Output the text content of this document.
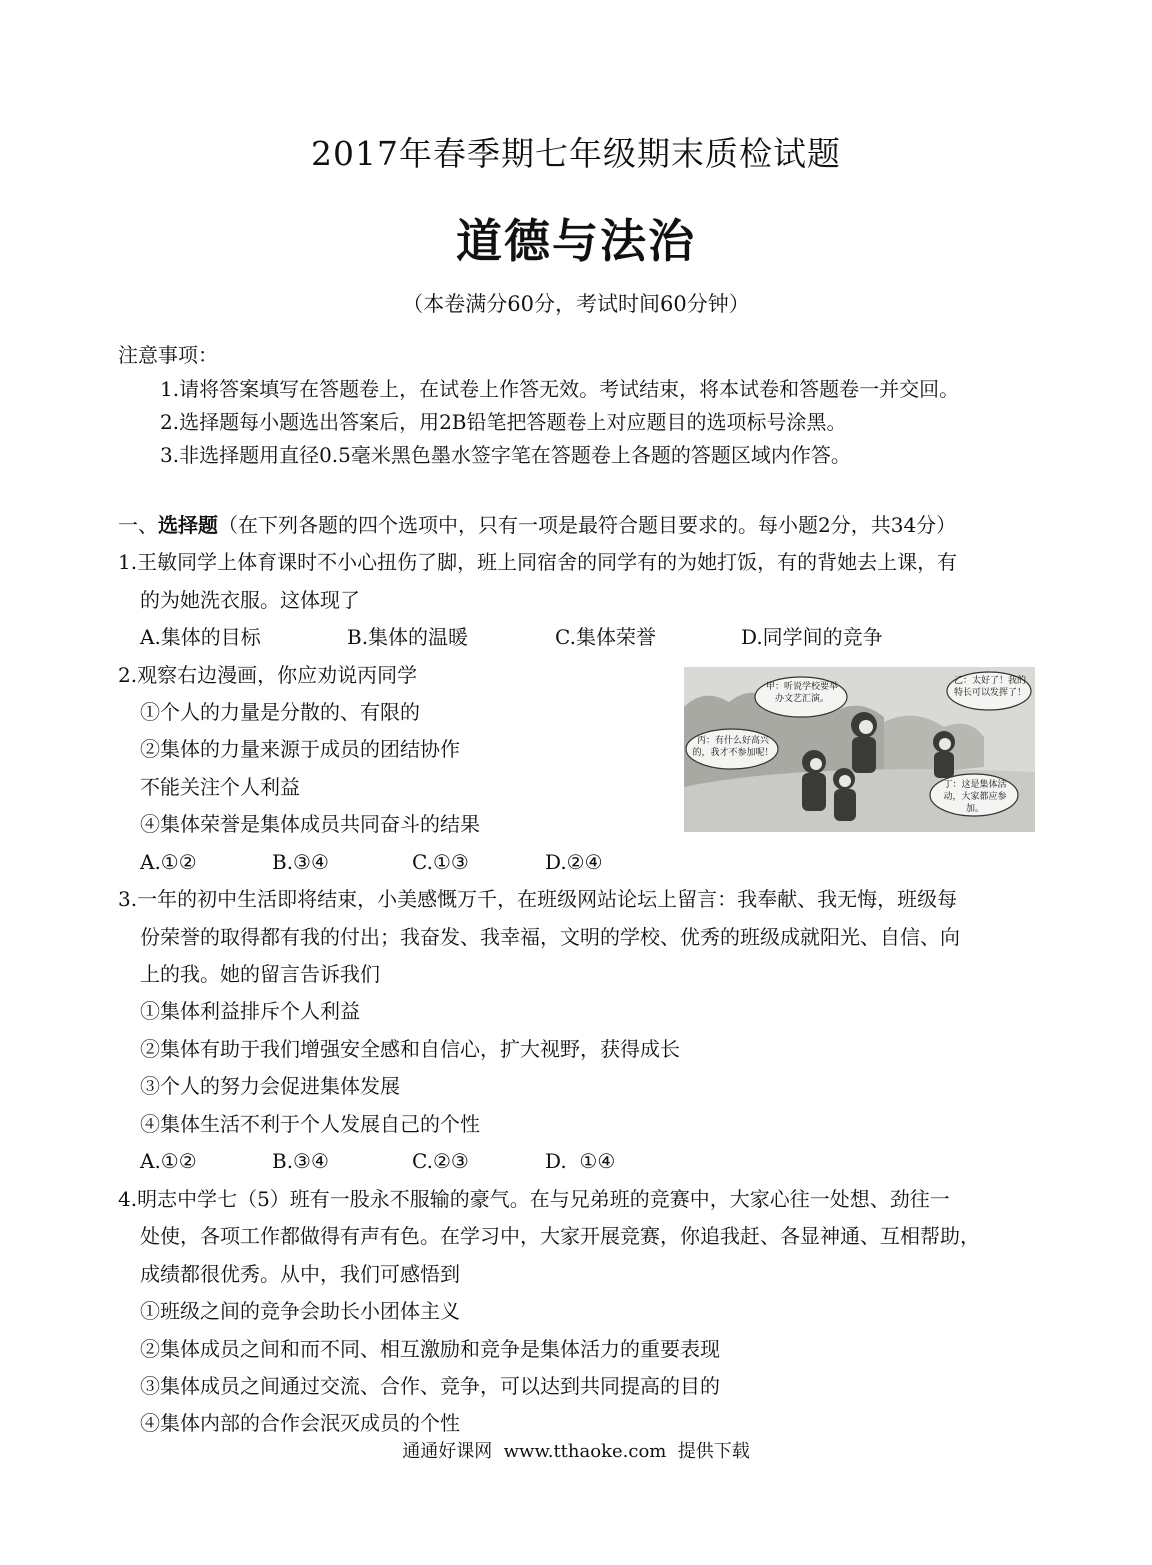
2017年春季期七年级期末质检试题
道德与法治
（本卷满分60分，考试时间60分钟）
注意事项：
1.请将答案填写在答题卷上，在试卷上作答无效。考试结束，将本试卷和答题卷一并交回。
2.选择题每小题选出答案后，用2B铅笔把答题卷上对应题目的选项标号涂黑。
3.非选择题用直径0.5毫米黑色墨水签字笔在答题卷上各题的答题区域内作答。
一、选择题（在下列各题的四个选项中，只有一项是最符合题目要求的。每小题2分，共34分）
1.王敏同学上体育课时不小心扭伤了脚，班上同宿舍的同学有的为她打饭，有的背她去上课，有
的为她洗衣服。这体现了
A.集体的目标	B.集体的温暖	C.集体荣誉	D.同学间的竞争
2.观察右边漫画，你应劝说丙同学
①个人的力量是分散的、有限的
②集体的力量来源于成员的团结协作
不能关注个人利益
④集体荣誉是集体成员共同奋斗的结果
A.①②	B.③④	C.①③	D.②④
甲：听说学校要举办文艺汇演。
乙：太好了！我的特长可以发挥了！
丙：有什么好高兴的，我才不参加呢！
丁：这是集体活动，大家都应参加。
3.一年的初中生活即将结束，小美感慨万千，在班级网站论坛上留言：我奉献、我无悔，班级每
份荣誉的取得都有我的付出；我奋发、我幸福，文明的学校、优秀的班级成就阳光、自信、向
上的我。她的留言告诉我们
①集体利益排斥个人利益
②集体有助于我们增强安全感和自信心，扩大视野，获得成长
③个人的努力会促进集体发展
④集体生活不利于个人发展自己的个性
A.①②	B.③④	C.②③	D.  ①④
4.明志中学七（5）班有一股永不服输的豪气。在与兄弟班的竞赛中，大家心往一处想、劲往一
处使，各项工作都做得有声有色。在学习中，大家开展竞赛，你追我赶、各显神通、互相帮助，
成绩都很优秀。从中，我们可感悟到
①班级之间的竞争会助长小团体主义
②集体成员之间和而不同、相互激励和竞争是集体活力的重要表现
③集体成员之间通过交流、合作、竞争，可以达到共同提高的目的
④集体内部的合作会泯灭成员的个性
通通好课网  www.tthaoke.com  提供下载
